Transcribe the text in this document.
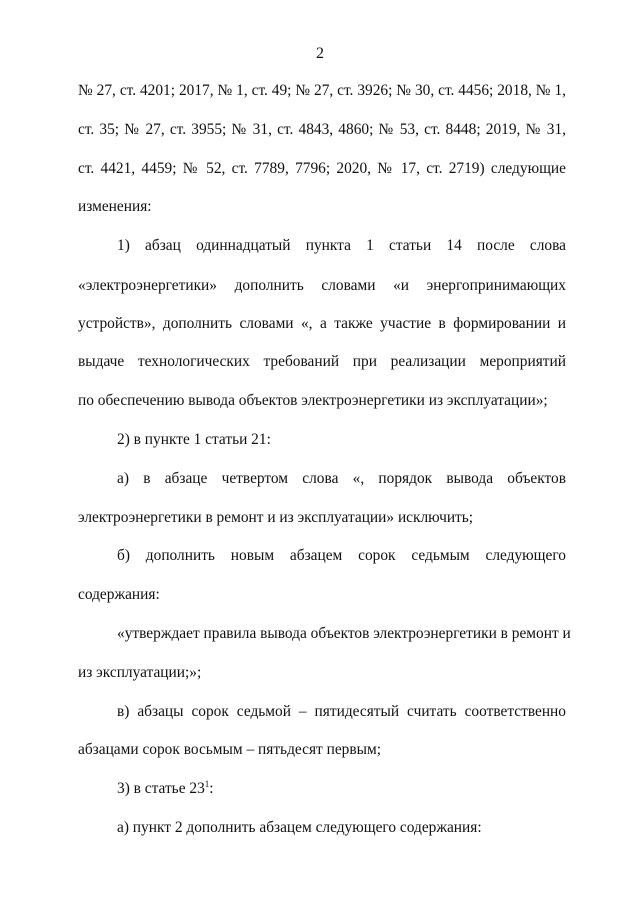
2
№ 27, ст. 4201; 2017, № 1, ст. 49; № 27, ст. 3926; № 30, ст. 4456; 2018, № 1,
ст. 35; № 27, ст. 3955; № 31, ст. 4843, 4860; № 53, ст. 8448; 2019, № 31,
ст. 4421, 4459; № 52, ст. 7789, 7796; 2020, № 17, ст. 2719) следующие
изменения:
1) абзац одиннадцатый пункта 1 статьи 14 после слова
«электроэнергетики» дополнить словами «и энергопринимающих
устройств», дополнить словами «, а также участие в формировании и
выдаче технологических требований при реализации мероприятий
по обеспечению вывода объектов электроэнергетики из эксплуатации»;
2) в пункте 1 статьи 21:
а) в абзаце четвертом слова «, порядок вывода объектов
электроэнергетики в ремонт и из эксплуатации» исключить;
б) дополнить новым абзацем сорок седьмым следующего
содержания:
«утверждает правила вывода объектов электроэнергетики в ремонт и
из эксплуатации;»;
в) абзацы сорок седьмой – пятидесятый считать соответственно
абзацами сорок восьмым – пятьдесят первым;
3) в статье $23^1$:
а) пункт 2 дополнить абзацем следующего содержания:
